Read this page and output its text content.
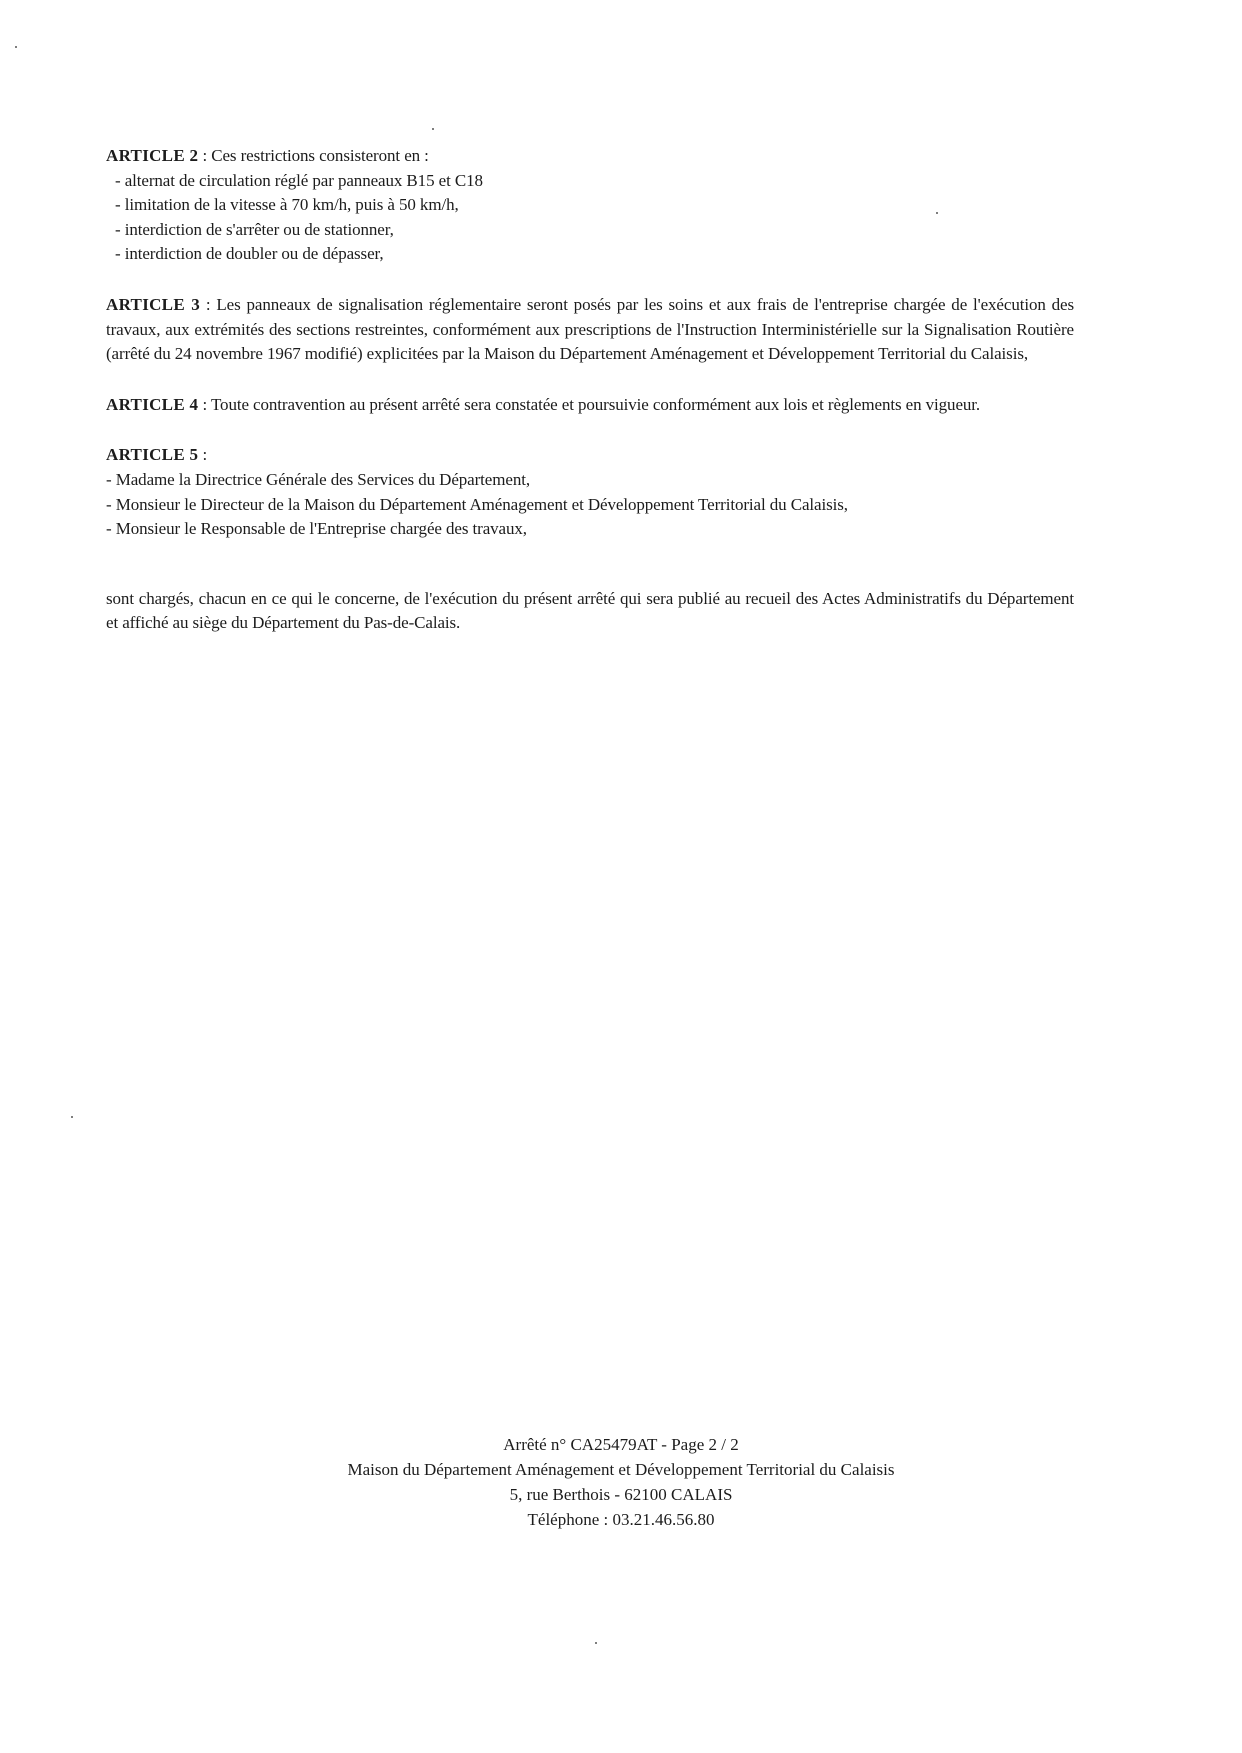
ARTICLE 2 : Ces restrictions consisteront en :

- alternat de circulation réglé par panneaux B15 et C18
- limitation de la vitesse à 70 km/h, puis à 50 km/h,
- interdiction de s'arrêter ou de stationner,
- interdiction de doubler ou de dépasser,

ARTICLE 3 : Les panneaux de signalisation réglementaire seront posés par les soins et aux frais de l'entreprise chargée de l'exécution des travaux, aux extrémités des sections restreintes, conformément aux prescriptions de l'Instruction Interministérielle sur la Signalisation Routière (arrêté du 24 novembre 1967 modifié) explicitées par la Maison du Département Aménagement et Développement Territorial du Calaisis,

ARTICLE 4 : Toute contravention au présent arrêté sera constatée et poursuivie conformément aux lois et règlements en vigueur.

ARTICLE 5 :

- Madame la Directrice Générale des Services du Département,
- Monsieur le Directeur de la Maison du Département Aménagement et Développement Territorial du Calaisis,
- Monsieur le Responsable de l'Entreprise chargée des travaux,

sont chargés, chacun en ce qui le concerne, de l'exécution du présent arrêté qui sera publié au recueil des Actes Administratifs du Département et affiché au siège du Département du Pas-de-Calais.

Arrêté n° CA25479AT - Page 2 / 2
Maison du Département Aménagement et Développement Territorial du Calaisis
5, rue Berthois - 62100 CALAIS
Téléphone : 03.21.46.56.80
